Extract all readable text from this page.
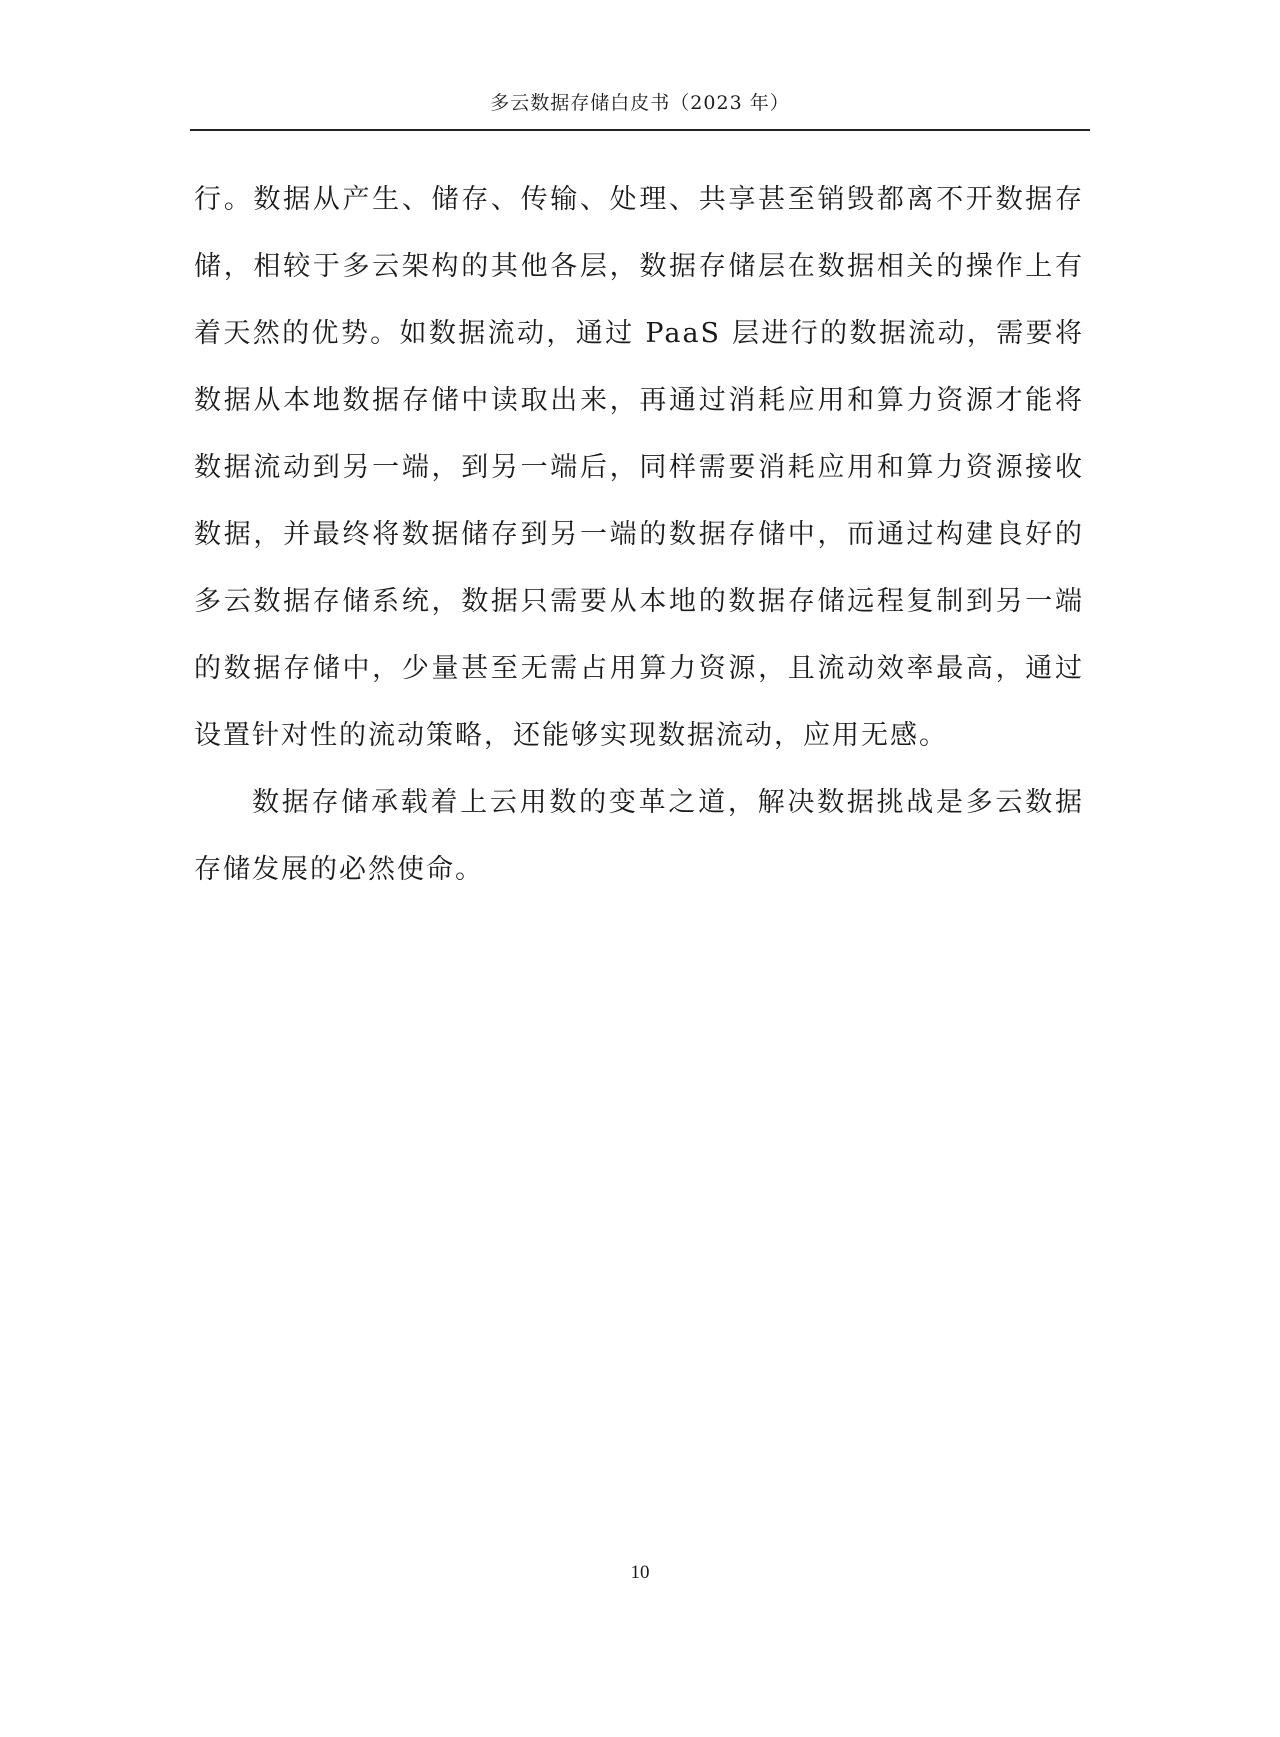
多云数据存储白皮书（2023 年）

行。数据从产生、储存、传输、处理、共享甚至销毁都离不开数据存储，相较于多云架构的其他各层，数据存储层在数据相关的操作上有着天然的优势。如数据流动，通过 PaaS 层进行的数据流动，需要将数据从本地数据存储中读取出来，再通过消耗应用和算力资源才能将数据流动到另一端，到另一端后，同样需要消耗应用和算力资源接收数据，并最终将数据储存到另一端的数据存储中，而通过构建良好的多云数据存储系统，数据只需要从本地的数据存储远程复制到另一端的数据存储中，少量甚至无需占用算力资源，且流动效率最高，通过设置针对性的流动策略，还能够实现数据流动，应用无感。

数据存储承载着上云用数的变革之道，解决数据挑战是多云数据存储发展的必然使命。

10
